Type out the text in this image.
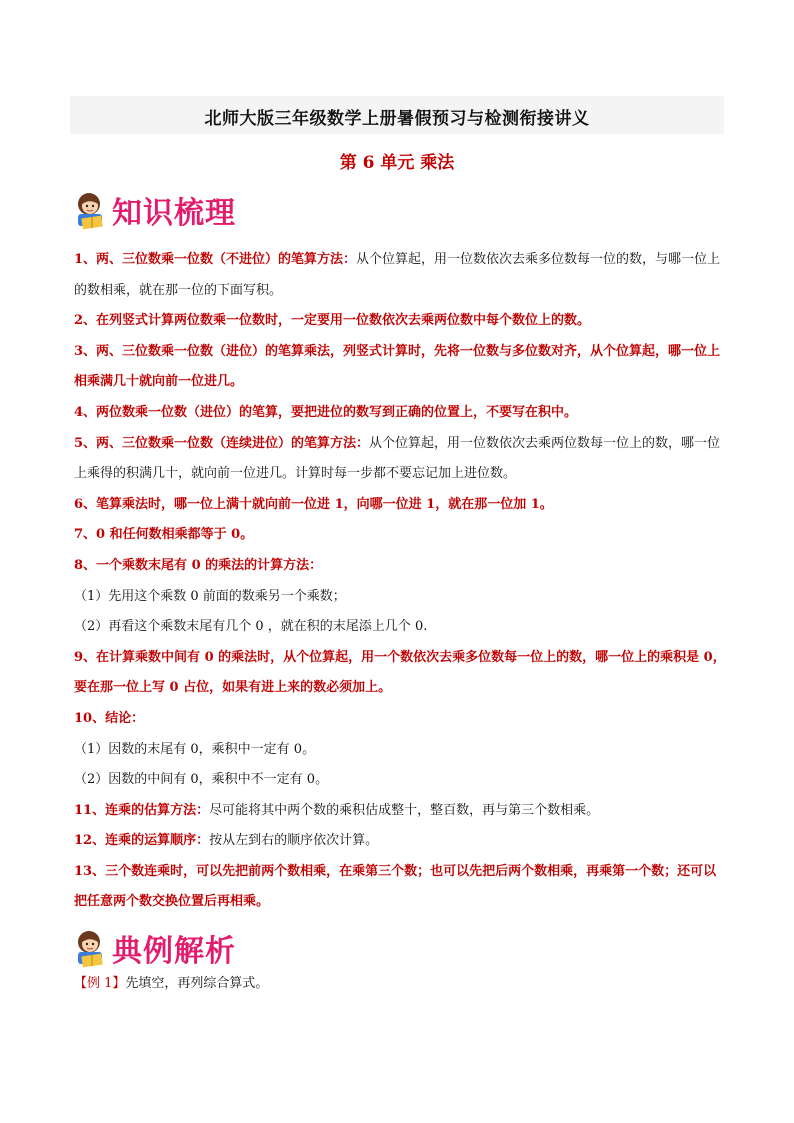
北师大版三年级数学上册暑假预习与检测衔接讲义
第 6 单元 乘法
知识梳理

1、两、三位数乘一位数（不进位）的笔算方法：从个位算起，用一位数依次去乘多位数每一位的数，与哪一位上的数相乘，就在那一位的下面写积。

2、在列竖式计算两位数乘一位数时，一定要用一位数依次去乘两位数中每个数位上的数。

3、两、三位数乘一位数（进位）的笔算乘法，列竖式计算时，先将一位数与多位数对齐，从个位算起，哪一位上相乘满几十就向前一位进几。

4、两位数乘一位数（进位）的笔算，要把进位的数写到正确的位置上，不要写在积中。

5、两、三位数乘一位数（连续进位）的笔算方法：从个位算起，用一位数依次去乘两位数每一位上的数，哪一位上乘得的积满几十，就向前一位进几。计算时每一步都不要忘记加上进位数。

6、笔算乘法时，哪一位上满十就向前一位进 1，向哪一位进 1，就在那一位加 1。

7、0 和任何数相乘都等于 0。

8、一个乘数末尾有 0 的乘法的计算方法：

（1）先用这个乘数 0 前面的数乘另一个乘数；

（2）再看这个乘数末尾有几个 0 ，就在积的末尾添上几个 0.

9、在计算乘数中间有 0 的乘法时，从个位算起，用一个数依次去乘多位数每一位上的数，哪一位上的乘积是 0，要在那一位上写 0 占位，如果有进上来的数必须加上。

10、结论：

（1）因数的末尾有 0，乘积中一定有 0。

（2）因数的中间有 0，乘积中不一定有 0。

11、连乘的估算方法：尽可能将其中两个数的乘积估成整十，整百数，再与第三个数相乘。

12、连乘的运算顺序：按从左到右的顺序依次计算。

13、三个数连乘时，可以先把前两个数相乘，在乘第三个数；也可以先把后两个数相乘，再乘第一个数；还可以把任意两个数交换位置后再相乘。

典例解析
【例 1】先填空，再列综合算式。
